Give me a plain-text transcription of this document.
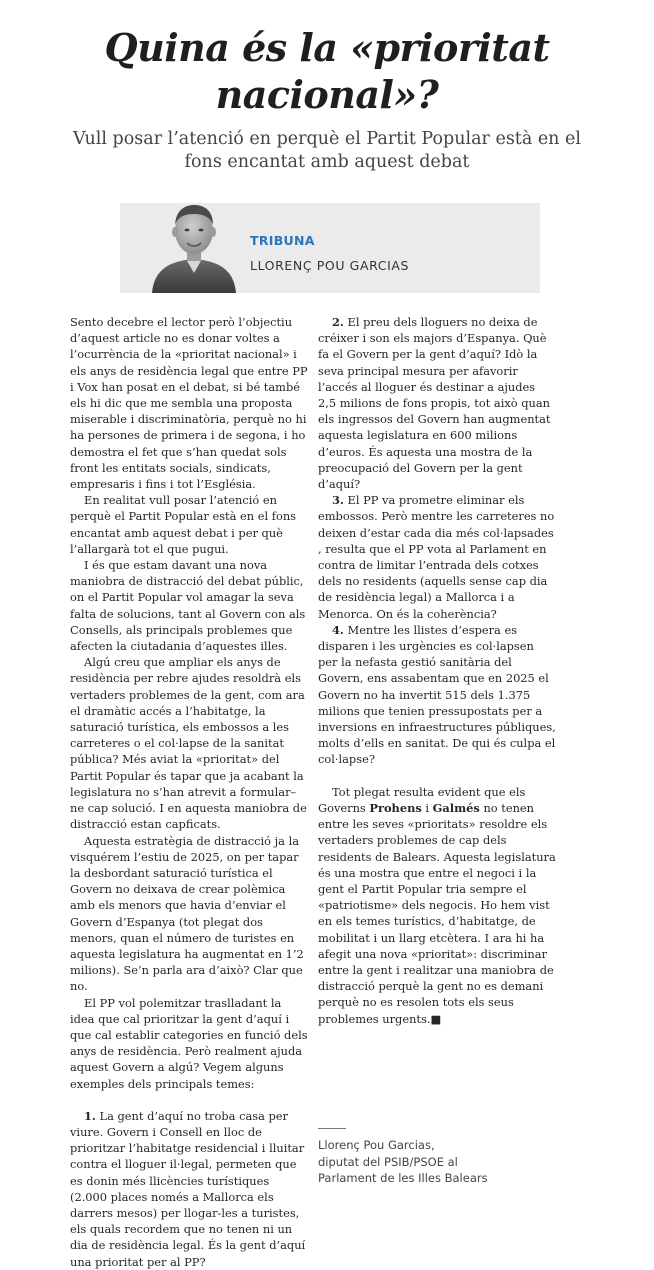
Quina és la «prioritat nacional»?
Vull posar l’atenció en perquè el Partit Popular està en el fons encantat amb aquest debat
TRIBUNA
LLORENÇ POU GARCIAS

Sento decebre el lector però l’objectiu d’aquest article no es donar voltes a l’ocurrència de la «prioritat nacional» i els anys de residència legal que entre PP i Vox han posat en el debat, si bé també els hi dic que me sembla una proposta miserable i discriminatòria, perquè no hi ha persones de primera i de segona, i ho demostra el fet que s’han quedat sols front les entitats socials, sindicats, empresaris i fins i tot l’Església.

En realitat vull posar l’atenció en perquè el Partit Popular està en el fons encantat amb aquest debat i per què l’allargarà tot el que pugui.

I és que estam davant una nova maniobra de distracció del debat públic, on el Partit Popular vol amagar la seva falta de solucions, tant al Govern con als Consells, als principals problemes que afecten la ciutadania d’aquestes illes.

Algú creu que ampliar els anys de residència per rebre ajudes resoldrà els vertaders problemes de la gent, com ara el dramàtic accés a l’habitatge, la saturació turística, els embossos a les carreteres o el col·lapse de la sanitat pública? Més aviat la «prioritat» del Partit Popular és tapar que ja acabant la legislatura no s’han atrevit a formular–ne cap solució. I en aquesta maniobra de distracció estan capficats.

Aquesta estratègia de distracció ja la visquérem l’estiu de 2025, on per tapar la desbordant saturació turística el Govern no deixava de crear polèmica amb els menors que havia d’enviar el Govern d’Espanya (tot plegat dos menors, quan el número de turistes en aquesta legislatura ha augmentat en 1’2 milions). Se’n parla ara d’això? Clar que no.

El PP vol polemitzar traslladant la idea que cal prioritzar la gent d’aquí i que cal establir categories en funció dels anys de residència. Però realment ajuda aquest Govern a algú? Vegem alguns exemples dels principals temes:

1. La gent d’aquí no troba casa per viure. Govern i Consell en lloc de prioritzar l’habitatge residencial i lluitar contra el lloguer il·legal, permeten que es donin més llicències turístiques (2.000 places només a Mallorca els darrers mesos) per llogar-les a turistes, els quals recordem que no tenen ni un dia de residència legal. És la gent d’aquí una prioritat per al PP?

2. El preu dels lloguers no deixa de créixer i son els majors d’Espanya. Què fa el Govern per la gent d’aquí? Idò la seva principal mesura per afavorir l’accés al lloguer és destinar a ajudes 2,5 milions de fons propis, tot això quan els ingressos del Govern han augmentat aquesta legislatura en 600 milions d’euros. És aquesta una mostra de la preocupació del Govern per la gent d’aquí?

3. El PP va prometre eliminar els embossos. Però mentre les carreteres no deixen d’estar cada dia més col·lapsades , resulta que el PP vota al Parlament en contra de limitar l’entrada dels cotxes dels no residents (aquells sense cap dia de residència legal) a Mallorca i a Menorca. On és la coherència?

4. Mentre les llistes d’espera es disparen i les urgències es col·lapsen per la nefasta gestió sanitària del Govern, ens assabentam que en 2025 el Govern no ha invertit 515 dels 1.375 milions que tenien pressupostats per a inversions en infraestructures públiques, molts d’ells en sanitat. De qui és culpa el col·lapse?

Tot plegat resulta evident que els Governs Prohens i Galmés no tenen entre les seves «prioritats» resoldre els vertaders problemes de cap dels residents de Balears. Aquesta legislatura és una mostra que entre el negoci i la gent el Partit Popular tria sempre el «patriotisme» dels negocis. Ho hem vist en els temes turístics, d’habitatge, de mobilitat i un llarg etcètera. I ara hi ha afegit una nova «prioritat»: discriminar entre la gent i realitzar una maniobra de distracció perquè la gent no es demani perquè no es resolen tots els seus problemes urgents.■

Llorenç Pou Garcias,
diputat del PSIB/PSOE al
Parlament de les Illes Balears
